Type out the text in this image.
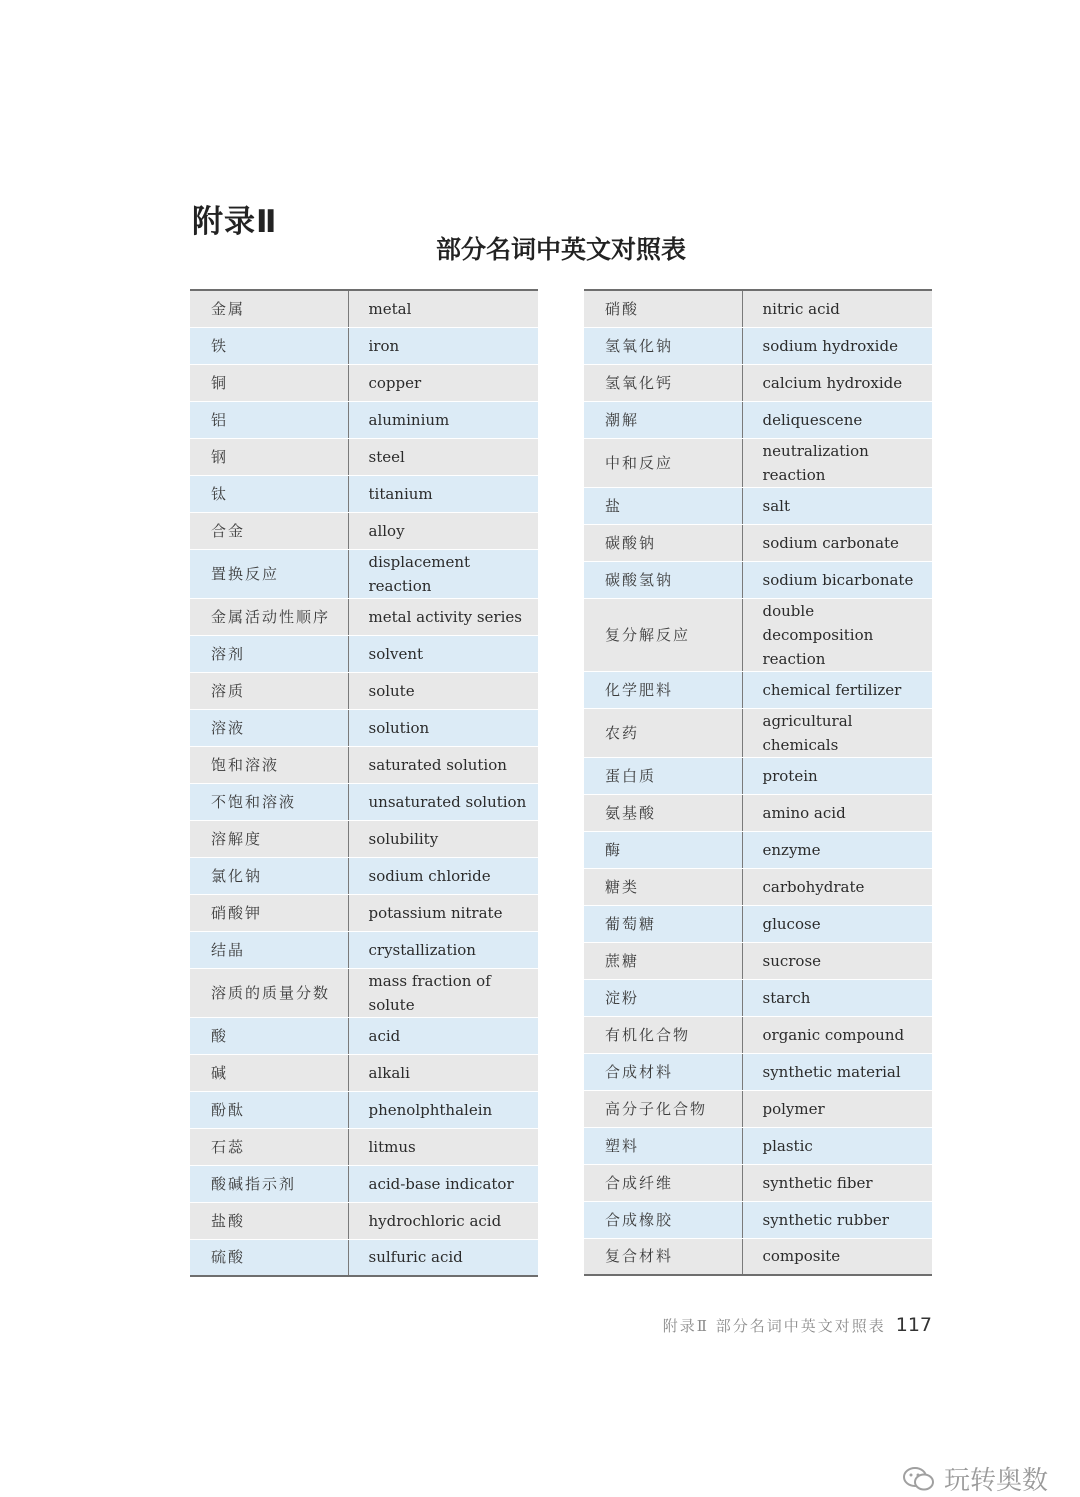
附录Ⅱ
部分名词中英文对照表
金属	metal
铁	iron
铜	copper
铝	aluminium
钢	steel
钛	titanium
合金	alloy
置换反应	displacement reaction
金属活动性顺序	metal activity series
溶剂	solvent
溶质	solute
溶液	solution
饱和溶液	saturated solution
不饱和溶液	unsaturated solution
溶解度	solubility
氯化钠	sodium chloride
硝酸钾	potassium nitrate
结晶	crystallization
溶质的质量分数	mass fraction of solute
酸	acid
碱	alkali
酚酞	phenolphthalein
石蕊	litmus
酸碱指示剂	acid-base indicator
盐酸	hydrochloric acid
硫酸	sulfuric acid
硝酸	nitric acid
氢氧化钠	sodium hydroxide
氢氧化钙	calcium hydroxide
潮解	deliquescene
中和反应	neutralization reaction
盐	salt
碳酸钠	sodium carbonate
碳酸氢钠	sodium bicarbonate
复分解反应	double decomposition reaction
化学肥料	chemical fertilizer
农药	agricultural chemicals
蛋白质	protein
氨基酸	amino acid
酶	enzyme
糖类	carbohydrate
葡萄糖	glucose
蔗糖	sucrose
淀粉	starch
有机化合物	organic compound
合成材料	synthetic material
高分子化合物	polymer
塑料	plastic
合成纤维	synthetic fiber
合成橡胶	synthetic rubber
复合材料	composite
附录Ⅱ 部分名词中英文对照表 117
玩转奥数
